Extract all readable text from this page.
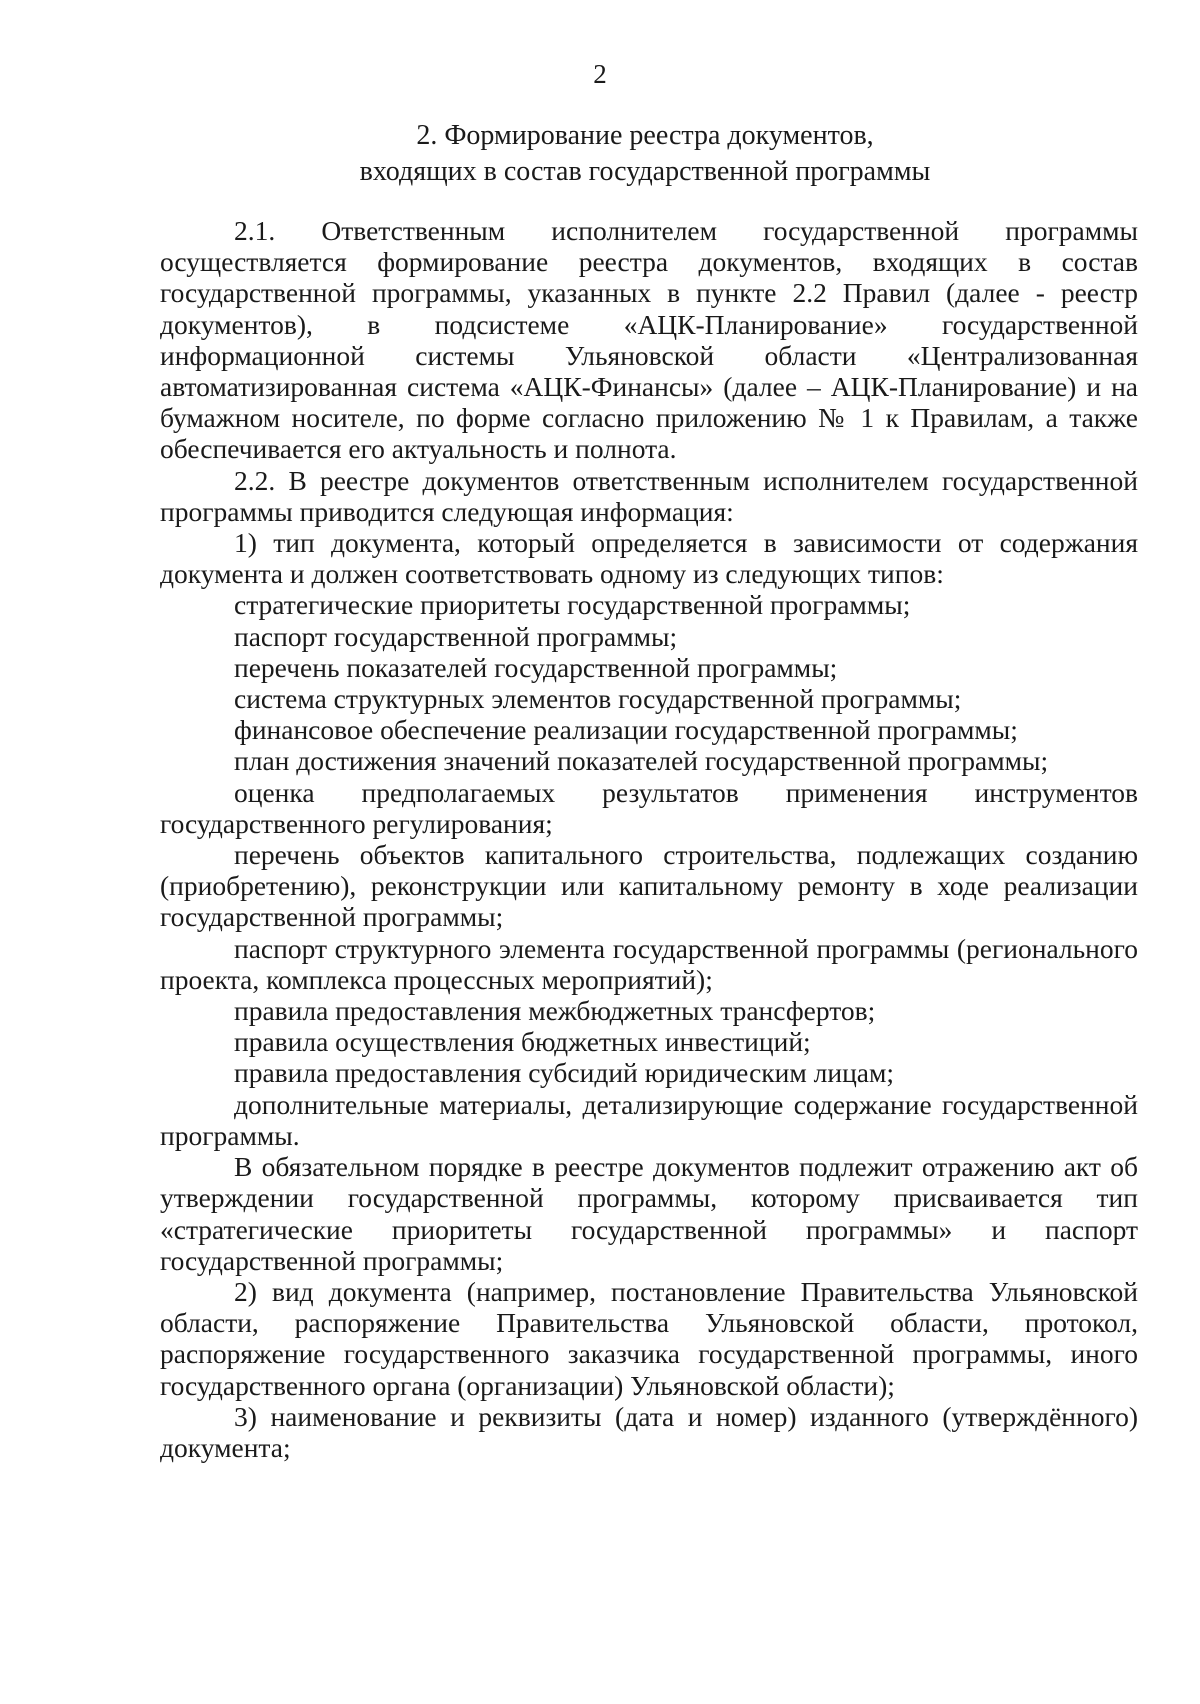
2
2. Формирование реестра документов,
входящих в состав государственной программы

2.1. Ответственным исполнителем государственной программы осуществляется формирование реестра документов, входящих в состав государственной программы, указанных в пункте 2.2 Правил (далее - реестр документов), в подсистеме «АЦК-Планирование» государственной информационной системы Ульяновской области «Централизованная автоматизированная система «АЦК-Финансы» (далее – АЦК-Планирование) и на бумажном носителе, по форме согласно приложению № 1 к Правилам, а также обеспечивается его актуальность и полнота.

2.2. В реестре документов ответственным исполнителем государственной программы приводится следующая информация:

1) тип документа, который определяется в зависимости от содержания документа и должен соответствовать одному из следующих типов:

стратегические приоритеты государственной программы;

паспорт государственной программы;

перечень показателей государственной программы;

система структурных элементов государственной программы;

финансовое обеспечение реализации государственной программы;

план достижения значений показателей государственной программы;

оценка предполагаемых результатов применения инструментов государственного регулирования;

перечень объектов капитального строительства, подлежащих созданию (приобретению), реконструкции или капитальному ремонту в ходе реализации государственной программы;

паспорт структурного элемента государственной программы (регионального проекта, комплекса процессных мероприятий);

правила предоставления межбюджетных трансфертов;

правила осуществления бюджетных инвестиций;

правила предоставления субсидий юридическим лицам;

дополнительные материалы, детализирующие содержание государственной программы.

В обязательном порядке в реестре документов подлежит отражению акт об утверждении государственной программы, которому присваивается тип «стратегические приоритеты государственной программы» и паспорт государственной программы;

2) вид документа (например, постановление Правительства Ульяновской области, распоряжение Правительства Ульяновской области, протокол, распоряжение государственного заказчика государственной программы, иного государственного органа (организации) Ульяновской области);

3) наименование и реквизиты (дата и номер) изданного (утверждённого) документа;
